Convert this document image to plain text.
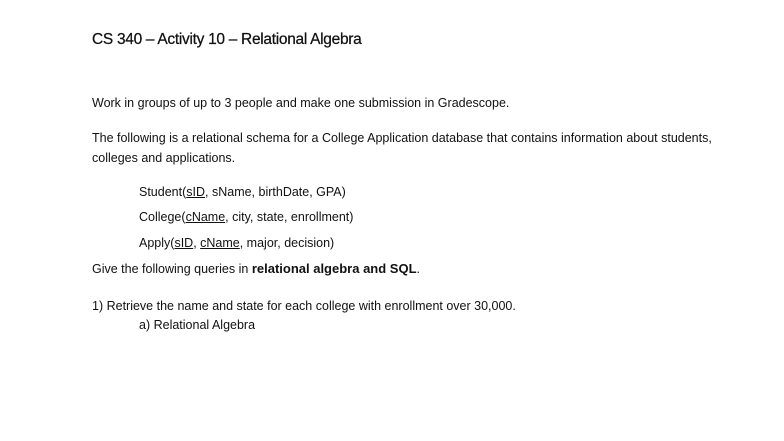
CS 340 – Activity 10 – Relational Algebra
Work in groups of up to 3 people and make one submission in Gradescope.
The following is a relational schema for a College Application database that contains information about students, colleges and applications.
Student(sID, sName, birthDate, GPA)
College(cName, city, state, enrollment)
Apply(sID, cName, major, decision)
Give the following queries in relational algebra and SQL.
1) Retrieve the name and state for each college with enrollment over 30,000.
a) Relational Algebra
